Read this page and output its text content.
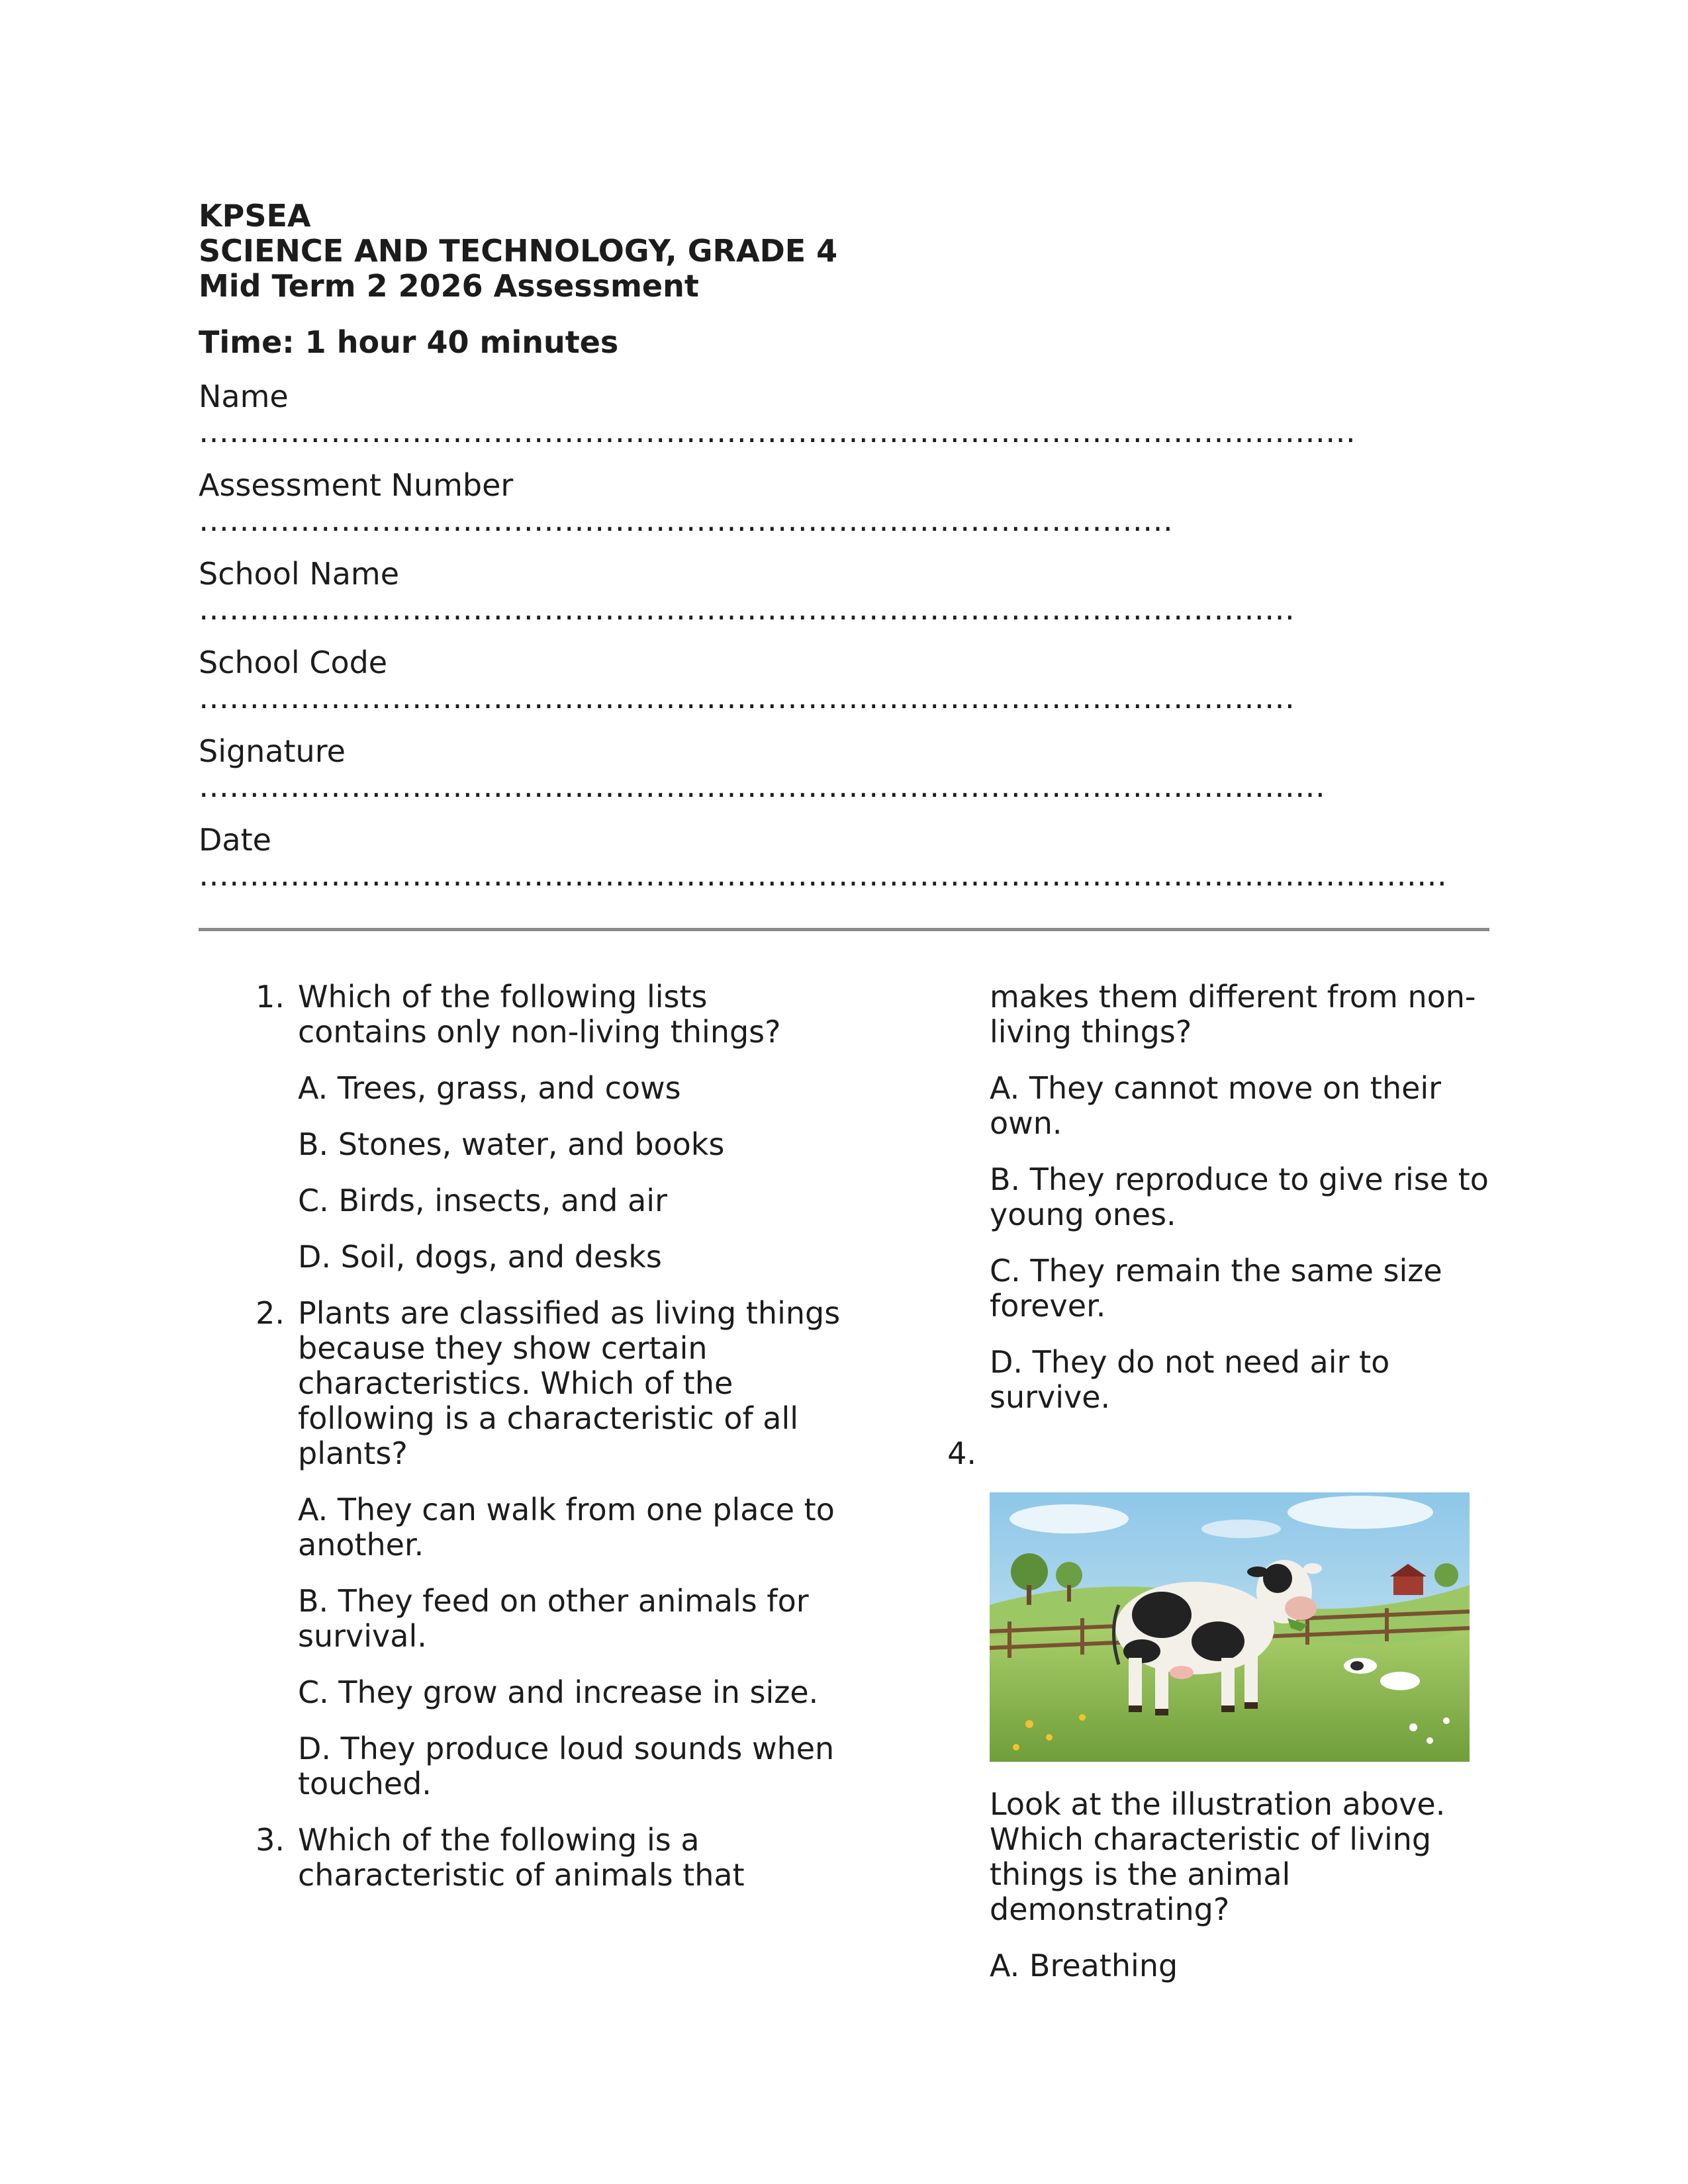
KPSEA
SCIENCE AND TECHNOLOGY, GRADE 4
Mid Term 2 2026 Assessment
Time: 1 hour 40 minutes
Name
……………………………………………………………………………………………………
Assessment Number
……………………………………………………………………………………
School Name
………………………………………………………………………………………………
School Code
………………………………………………………………………………………………
Signature
…………………………………………………………………………………………………
Date
……………………………………………………………………………………………………………
1. Which of the following lists contains only non-living things?
A. Trees, grass, and cows
B. Stones, water, and books
C. Birds, insects, and air
D. Soil, dogs, and desks
2. Plants are classified as living things because they show certain characteristics. Which of the following is a characteristic of all plants?
A. They can walk from one place to another.
B. They feed on other animals for survival.
C. They grow and increase in size.
D. They produce loud sounds when touched.
3. Which of the following is a characteristic of animals that
makes them different from non-living things?
A. They cannot move on their own.
B. They reproduce to give rise to young ones.
C. They remain the same size forever.
D. They do not need air to survive.
4.
Look at the illustration above. Which characteristic of living things is the animal demonstrating?
A. Breathing
